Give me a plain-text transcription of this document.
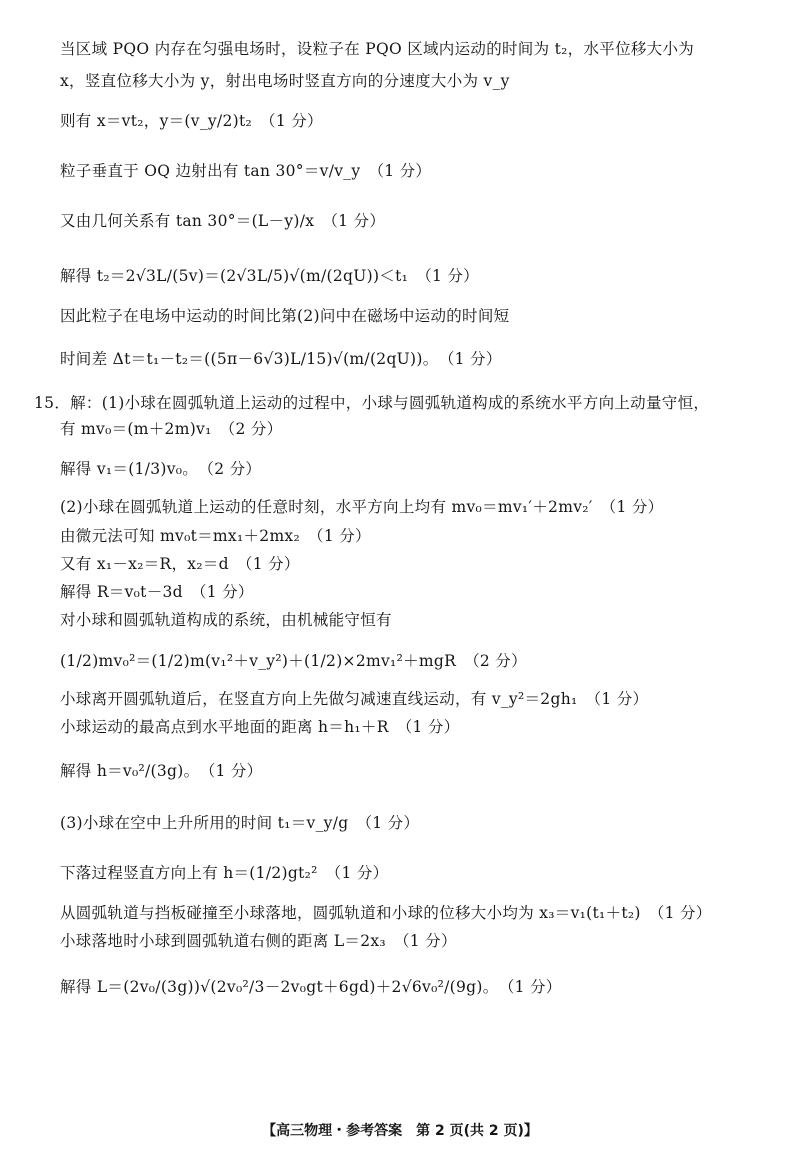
当区域 PQO 内存在匀强电场时，设粒子在 PQO 区域内运动的时间为 t₂，水平位移大小为
x，竖直位移大小为 y，射出电场时竖直方向的分速度大小为 v_y
则有 x＝vt₂，y＝(v_y/2)t₂　（1 分）
粒子垂直于 OQ 边射出有 tan 30°＝v/v_y　（1 分）
又由几何关系有 tan 30°＝(L－y)/x　（1 分）
解得 t₂＝2√3L/(5v)＝(2√3L/5)√(m/(2qU))＜t₁　（1 分）
因此粒子在电场中运动的时间比第(2)问中在磁场中运动的时间短
时间差 Δt＝t₁－t₂＝((5π－6√3)L/15)√(m/(2qU))。　（1 分）
15．解：(1)小球在圆弧轨道上运动的过程中，小球与圆弧轨道构成的系统水平方向上动量守恒，
有 mv₀＝(m＋2m)v₁　（2 分）
解得 v₁＝(1/3)v₀。　（2 分）
(2)小球在圆弧轨道上运动的任意时刻，水平方向上均有 mv₀＝mv₁′＋2mv₂′　（1 分）
由微元法可知 mv₀t＝mx₁＋2mx₂　（1 分）
又有 x₁－x₂＝R，x₂＝d　（1 分）
解得 R＝v₀t－3d　（1 分）
对小球和圆弧轨道构成的系统，由机械能守恒有
(1/2)mv₀²＝(1/2)m(v₁²＋v_y²)＋(1/2)×2mv₁²＋mgR　（2 分）
小球离开圆弧轨道后，在竖直方向上先做匀减速直线运动，有 v_y²＝2gh₁　（1 分）
小球运动的最高点到水平地面的距离 h＝h₁＋R　（1 分）
解得 h＝v₀²/(3g)。　（1 分）
(3)小球在空中上升所用的时间 t₁＝v_y/g　（1 分）
下落过程竖直方向上有 h＝(1/2)gt₂²　（1 分）
从圆弧轨道与挡板碰撞至小球落地，圆弧轨道和小球的位移大小均为 x₃＝v₁(t₁＋t₂)　（1 分）
小球落地时小球到圆弧轨道右侧的距离 L＝2x₃　（1 分）
解得 L＝(2v₀/(3g))√(2v₀²/3－2v₀gt＋6gd)＋2√6v₀²/(9g)。　（1 分）
【高三物理・参考答案　第 2 页(共 2 页)】
